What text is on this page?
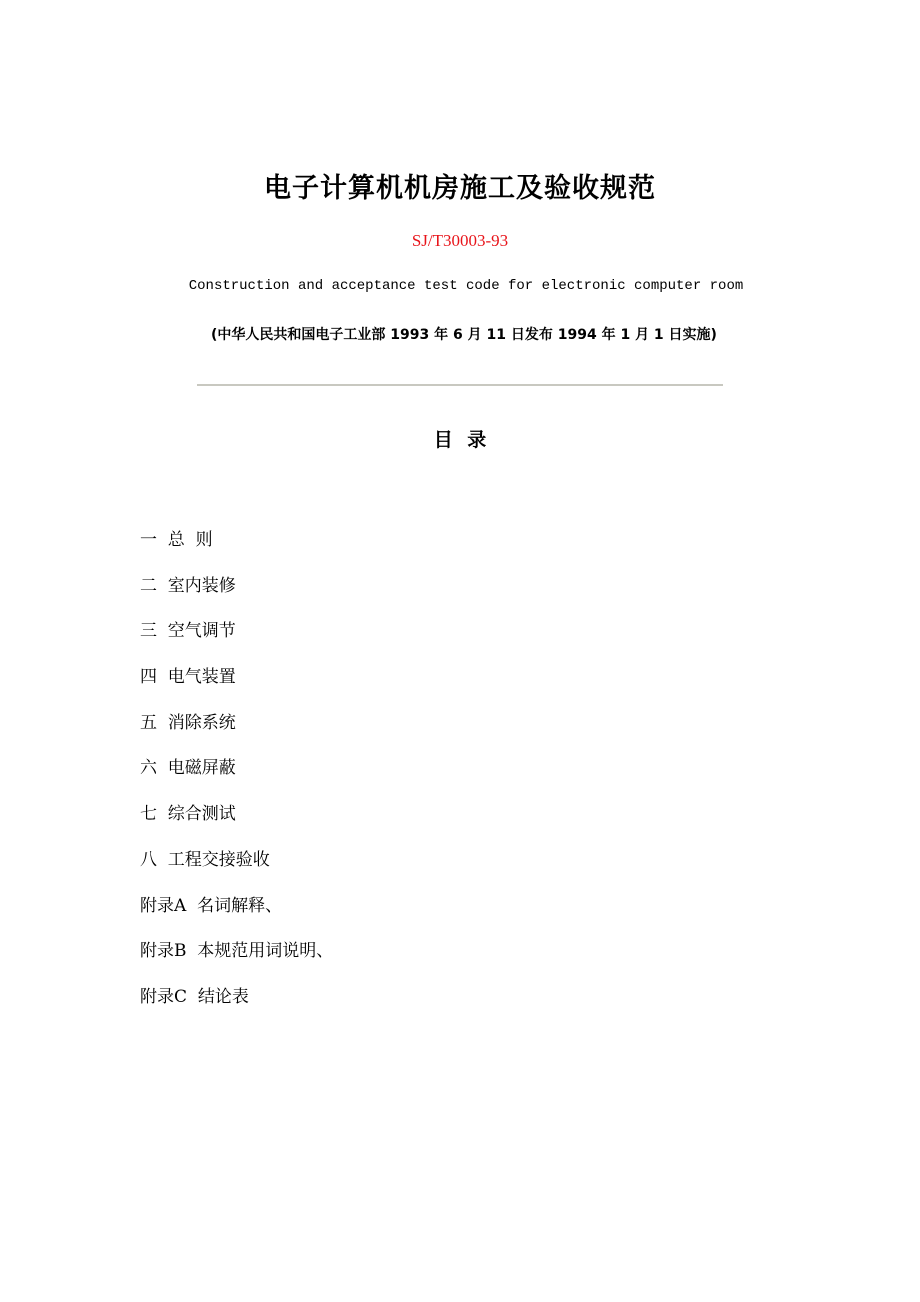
电子计算机机房施工及验收规范
SJ/T30003-93
Construction and acceptance test code for electronic computer room
(中华人民共和国电子工业部 1993 年 6 月 11 日发布 1994 年 1 月 1 日实施)
目 录
一  总  则
二  室内装修
三  空气调节
四  电气装置
五  消除系统
六  电磁屏蔽
七  综合测试
八  工程交接验收
附录A  名词解释、
附录B  本规范用词说明、
附录C  结论表
